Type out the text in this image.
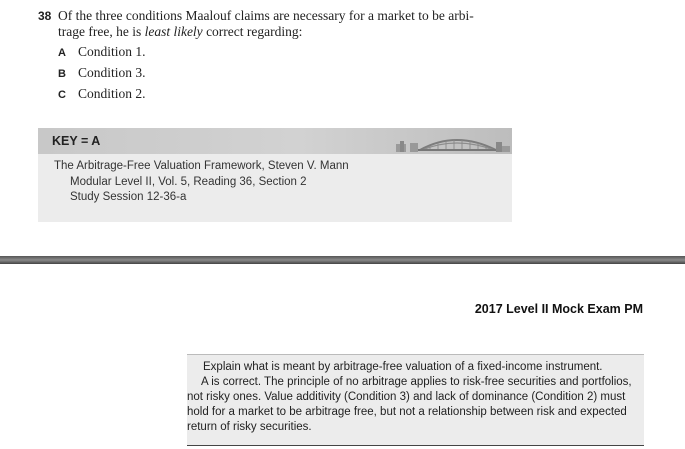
38 Of the three conditions Maalouf claims are necessary for a market to be arbi-
trage free, he is least likely correct regarding:
A Condition 1.
B Condition 3.
C Condition 2.
KEY = A
The Arbitrage-Free Valuation Framework, Steven V. Mann
Modular Level II, Vol. 5, Reading 36, Section 2
Study Session 12-36-a
2017 Level II Mock Exam PM
Explain what is meant by arbitrage-free valuation of a fixed-income instrument.
A is correct. The principle of no arbitrage applies to risk-free securities and portfolios,
not risky ones. Value additivity (Condition 3) and lack of dominance (Condition 2) must
hold for a market to be arbitrage free, but not a relationship between risk and expected
return of risky securities.
